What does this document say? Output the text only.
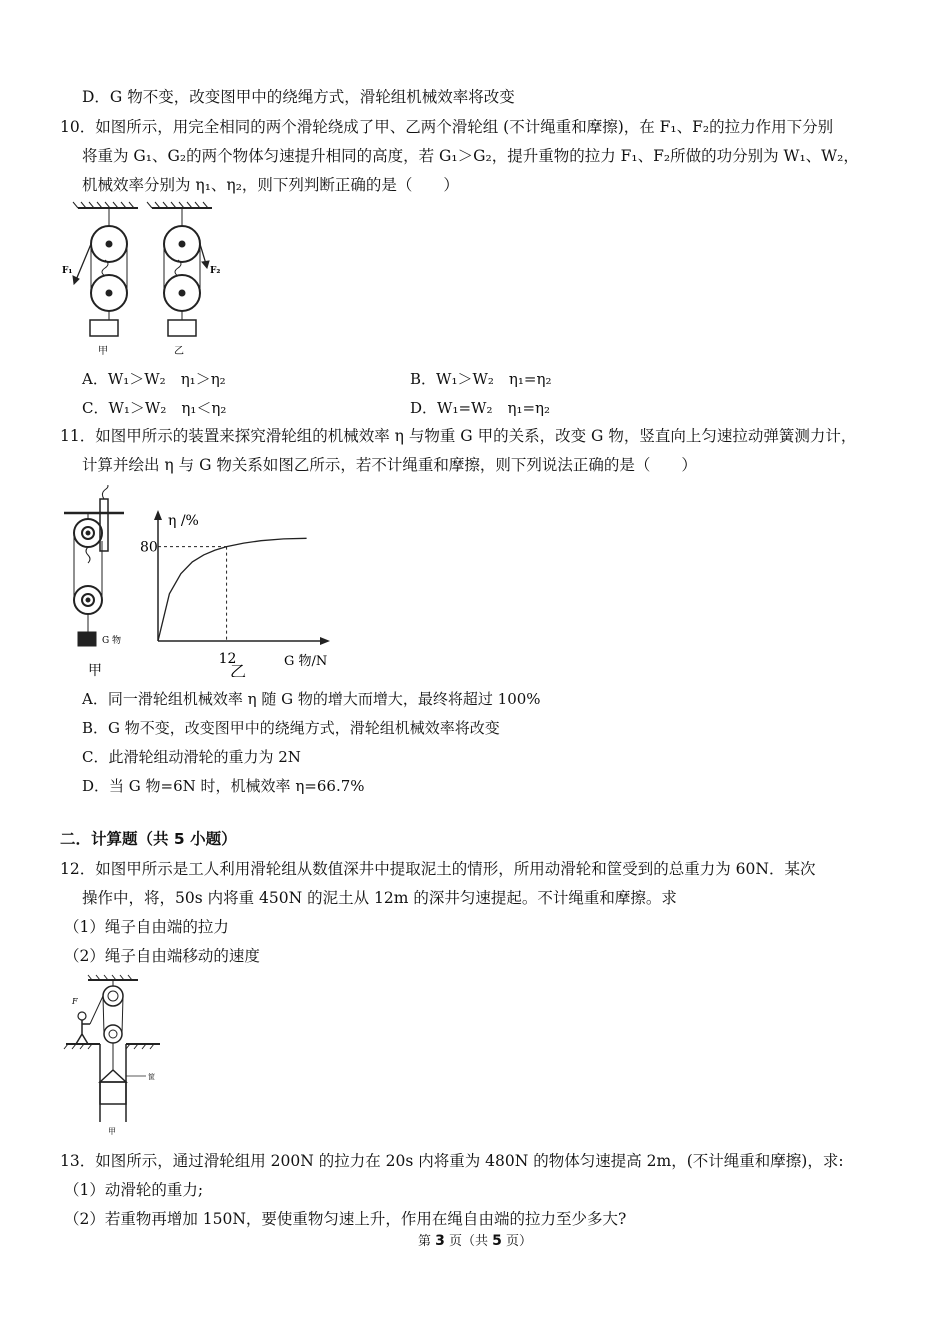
D．G 物不变，改变图甲中的绕绳方式，滑轮组机械效率将改变
10．如图所示，用完全相同的两个滑轮绕成了甲、乙两个滑轮组 (不计绳重和摩擦)，在 F₁、F₂的拉力作用下分别
将重为 G₁、G₂的两个物体匀速提升相同的高度，若 G₁＞G₂，提升重物的拉力 F₁、F₂所做的功分别为 W₁、W₂，
机械效率分别为 η₁、η₂，则下列判断正确的是（　　）
F₁
甲
F₂
乙
A．W₁＞W₂　η₁＞η₂	B．W₁＞W₂　η₁=η₂
C．W₁＞W₂　η₁＜η₂	D．W₁=W₂　η₁=η₂
11．如图甲所示的装置来探究滑轮组的机械效率 η 与物重 G 甲的关系，改变 G 物，竖直向上匀速拉动弹簧测力计，
计算并绘出 η 与 G 物关系如图乙所示，若不计绳重和摩擦，则下列说法正确的是（　　）
G 物
甲
η /%
80
12	G 物/N
乙
A．同一滑轮组机械效率 η 随 G 物的增大而增大，最终将超过 100%
B．G 物不变，改变图甲中的绕绳方式，滑轮组机械效率将改变
C．此滑轮组动滑轮的重力为 2N
D．当 G 物=6N 时，机械效率 η=66.7%
二．计算题（共 5 小题）
12．如图甲所示是工人利用滑轮组从数值深井中提取泥土的情形，所用动滑轮和筐受到的总重力为 60N．某次
操作中，将，50s 内将重 450N 的泥土从 12m 的深井匀速提起。不计绳重和摩擦。求
（1）绳子自由端的拉力
（2）绳子自由端移动的速度
F
筐
甲
13．如图所示，通过滑轮组用 200N 的拉力在 20s 内将重为 480N 的物体匀速提高 2m，(不计绳重和摩擦)，求:
（1）动滑轮的重力;
（2）若重物再增加 150N，要使重物匀速上升，作用在绳自由端的拉力至少多大?
第 3 页（共 5 页）
